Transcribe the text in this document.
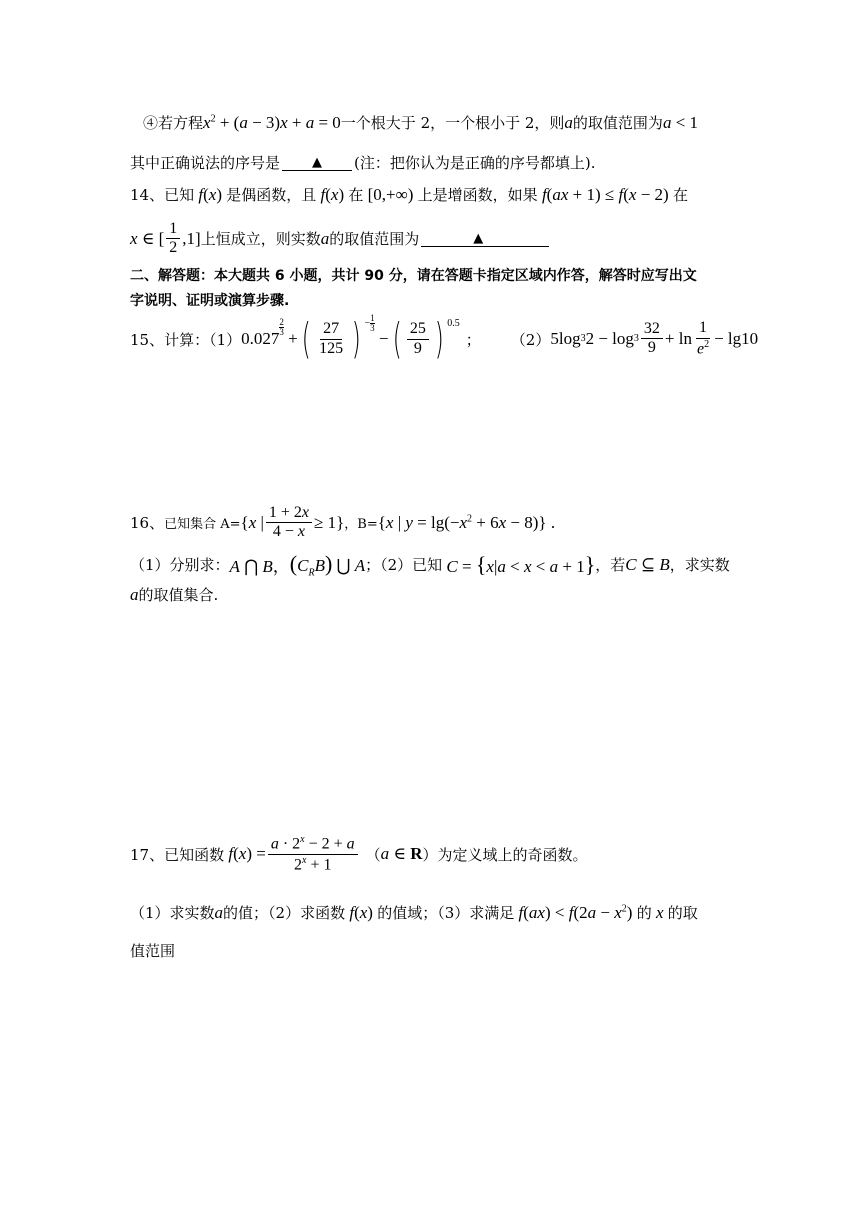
④若方程 $x^2 + (a - 3)x + a = 0$ 一个根大于 2，一个根小于 2，则 a 的取值范围为 a < 1
其中正确说法的序号是	▲	(注：把你认为是正确的序号都填上).
14、 已知 f(x) 是偶函数，且 f(x) 在 [0,+∞) 上是增函数，如果 f(ax + 1) ≤ f(x − 2) 在
x ∈ [ $\frac{1}{2} ,1$] 上恒成立，则实数 a 的取值范围为	▲
二、解答题：本大题共 6 小题，共计 90 分，请在答题卡指定区域内作答，解答时应写出文
字说明、证明或演算步骤.
15、 计算：（1） 0.027
$^{\frac{2}{3}}$
+ ( $\frac{27}{125}$ ) $^{- \frac{1}{3}}$
− ( $\frac{25}{9}$ ) $^{0.5}$
； （2） 5log 3 $2 - \log 3 \frac{32}{9} + \ln \frac{1}{e^2} - \lg 10$
16、 已知集合 A= { x | $\frac{1 + 2x}{4 - x} \ge 1$} ，B= {x | $y = \lg(-x^2 + 6x - 8)$} .
（1）分别求： A ⋂ B， $(C_RB)$ ⋃ A ；（2）已知 C = {x|a < x < a + 1} ，若 C ⊆ B ，求实数
a 的取值集合.
17、 已知函数
f ( x ) = $\frac{a \cdot 2^x - 2 + a}{2^x + 1}$ （ a ∈ R ）为定义域上的奇函数。
（1）求实数 a 的值；（2）求函数 f(x) 的值域；（3）求满足 $f(ax) < f(2a - x^2)$ 的 x 的取
值范围
